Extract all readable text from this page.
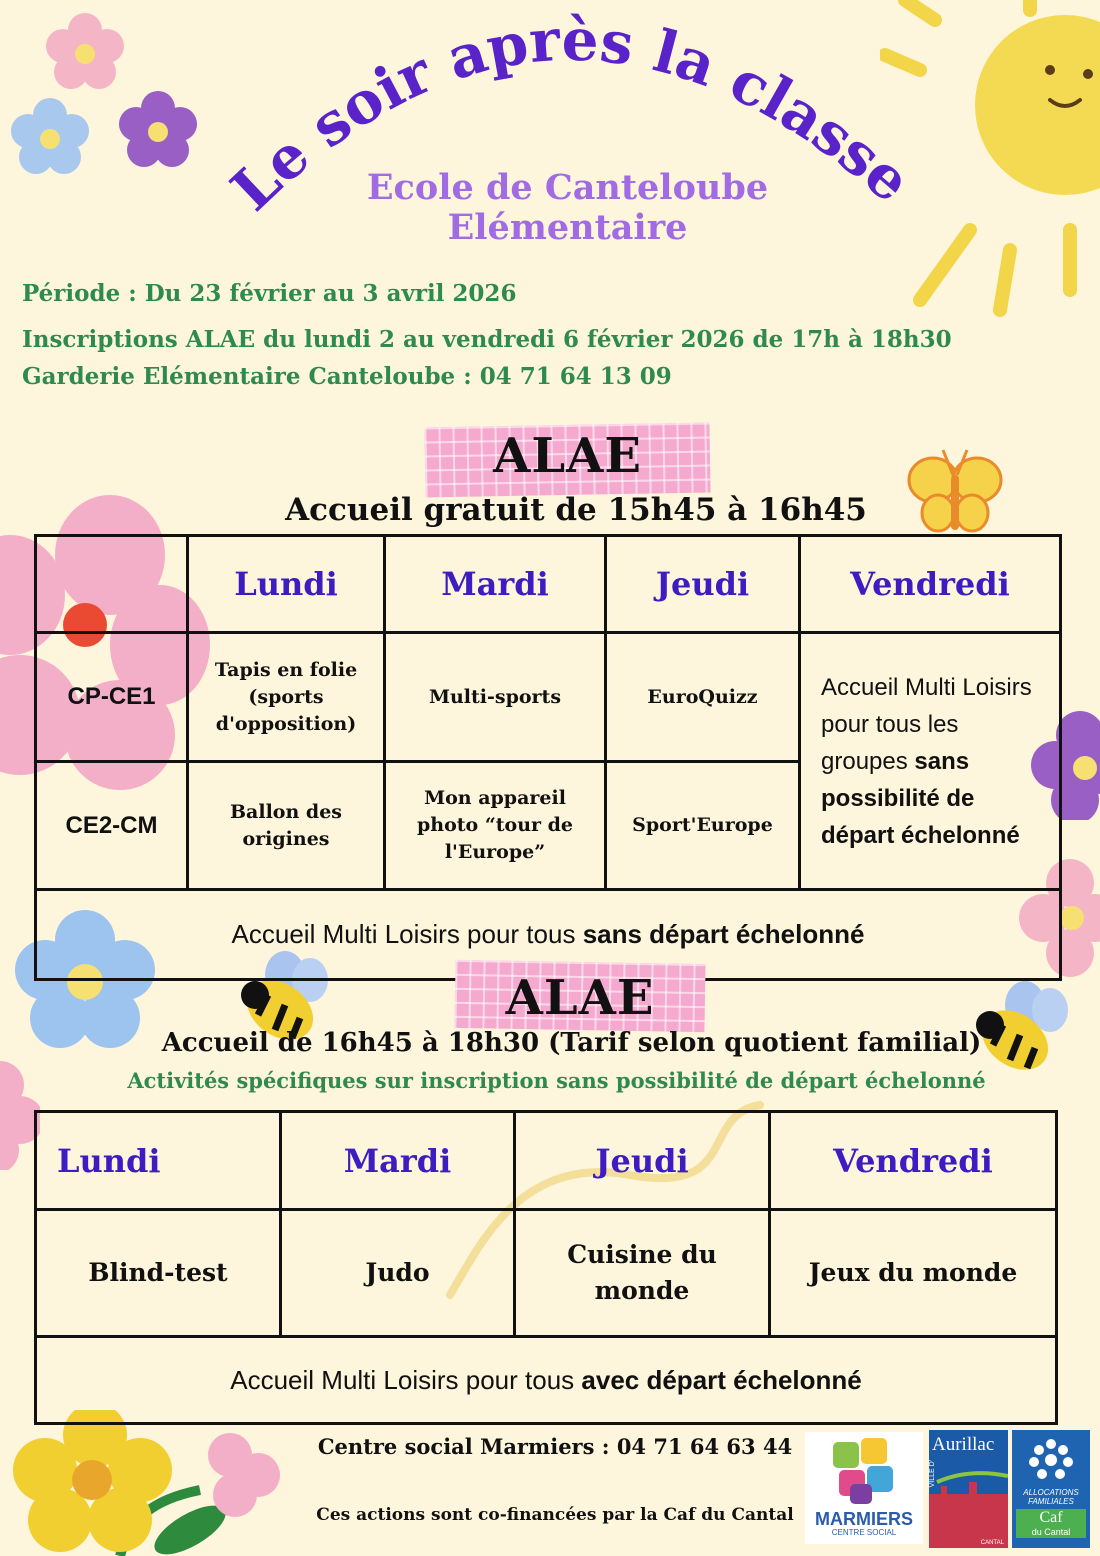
Le soir après la classe
Ecole de Canteloube
Elémentaire
Période : Du 23 février au 3 avril 2026
Inscriptions ALAE du lundi 2 au vendredi 6 février 2026 de 17h à 18h30
Garderie Elémentaire Canteloube : 04 71 64 13 09
ALAE
Accueil gratuit de 15h45 à 16h45
	Lundi	Mardi	Jeudi	Vendredi
CP-CE1	Tapis en folie (sports d'opposition)	Multi-sports	EuroQuizz	Accueil Multi Loisirs pour tous les groupes sans possibilité de départ échelonné
CE2-CM	Ballon des origines	Mon appareil photo “tour de l'Europe”	Sport'Europe	
Accueil Multi Loisirs pour tous sans départ échelonné				
ALAE
Accueil de 16h45 à 18h30 (Tarif selon quotient familial)
Activités spécifiques sur inscription sans possibilité de départ échelonné
Lundi	Mardi	Jeudi	Vendredi
Blind-test	Judo	Cuisine du monde	Jeux du monde
Accueil Multi Loisirs pour tous avec départ échelonné			
Centre social Marmiers : 04 71 64 63 44
Ces actions sont co-financées par la Caf du Cantal	MARMIERS
CENTRE SOCIAL
Aurillac
VILLE D'
CANTAL
ALLOCATIONS
FAMILIALES
Caf
du Cantal
